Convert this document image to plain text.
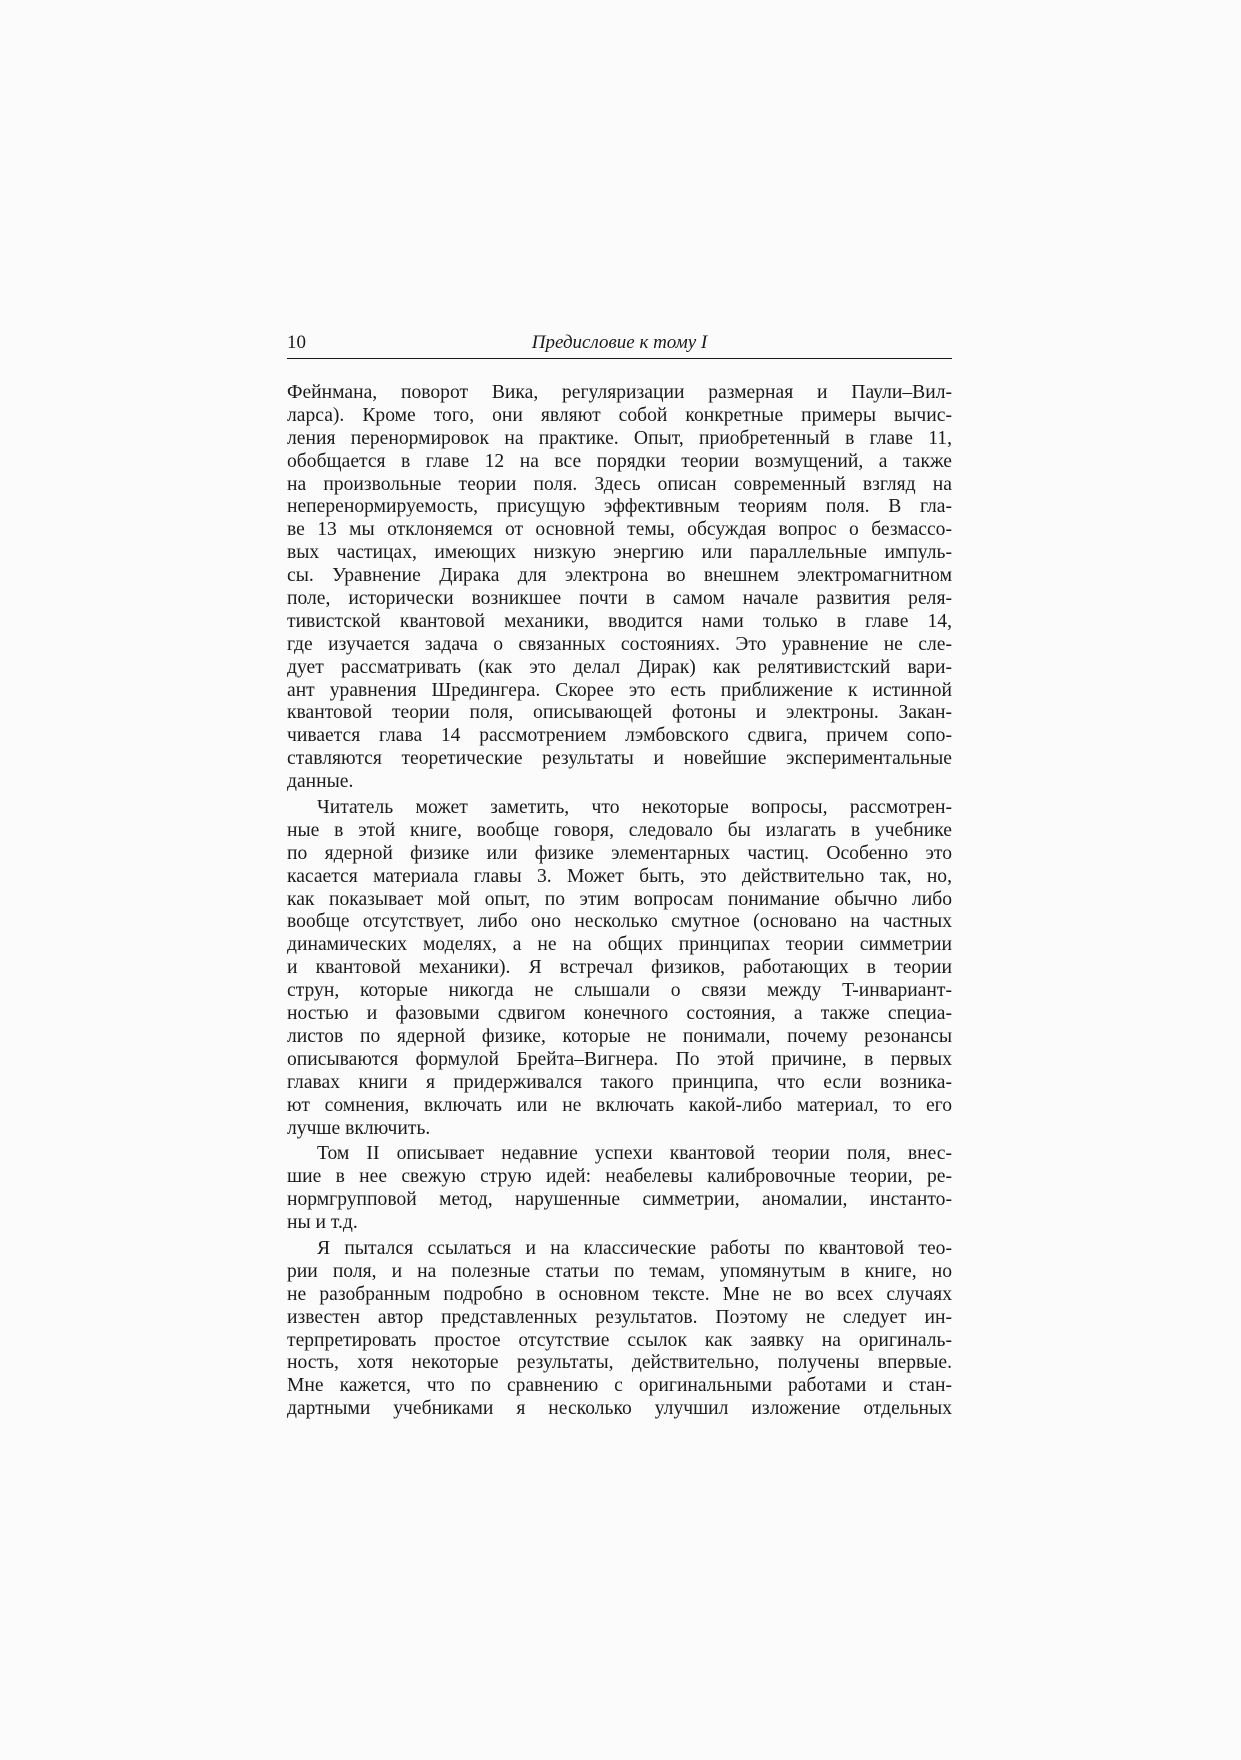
10	Предисловие к тому I
Фейнмана, поворот Вика, регуляризации размерная и Паули–Вил-
ларса). Кроме того, они являют собой конкретные примеры вычис-
ления перенормировок на практике. Опыт, приобретенный в главе 11,
обобщается в главе 12 на все порядки теории возмущений, а также
на произвольные теории поля. Здесь описан современный взгляд на
неперенормируемость, присущую эффективным теориям поля. В гла-
ве 13 мы отклоняемся от основной темы, обсуждая вопрос о безмассо-
вых частицах, имеющих низкую энергию или параллельные импуль-
сы. Уравнение Дирака для электрона во внешнем электромагнитном
поле, исторически возникшее почти в самом начале развития реля-
тивистской квантовой механики, вводится нами только в главе 14,
где изучается задача о связанных состояниях. Это уравнение не сле-
дует рассматривать (как это делал Дирак) как релятивистский вари-
ант уравнения Шредингера. Скорее это есть приближение к истинной
квантовой теории поля, описывающей фотоны и электроны. Закан-
чивается глава 14 рассмотрением лэмбовского сдвига, причем сопо-
ставляются теоретические результаты и новейшие экспериментальные
данные.
Читатель может заметить, что некоторые вопросы, рассмотрен-
ные в этой книге, вообще говоря, следовало бы излагать в учебнике
по ядерной физике или физике элементарных частиц. Особенно это
касается материала главы 3. Может быть, это действительно так, но,
как показывает мой опыт, по этим вопросам понимание обычно либо
вообще отсутствует, либо оно несколько смутное (основано на частных
динамических моделях, а не на общих принципах теории симметрии
и квантовой механики). Я встречал физиков, работающих в теории
струн, которые никогда не слышали о связи между T-инвариант-
ностью и фазовыми сдвигом конечного состояния, а также специа-
листов по ядерной физике, которые не понимали, почему резонансы
описываются формулой Брейта–Вигнера. По этой причине, в первых
главах книги я придерживался такого принципа, что если возника-
ют сомнения, включать или не включать какой-либо материал, то его
лучше включить.
Том II описывает недавние успехи квантовой теории поля, внес-
шие в нее свежую струю идей: неабелевы калибровочные теории, ре-
нормгрупповой метод, нарушенные симметрии, аномалии, инстанто-
ны и т.д.
Я пытался ссылаться и на классические работы по квантовой тео-
рии поля, и на полезные статьи по темам, упомянутым в книге, но
не разобранным подробно в основном тексте. Мне не во всех случаях
известен автор представленных результатов. Поэтому не следует ин-
терпретировать простое отсутствие ссылок как заявку на оригиналь-
ность, хотя некоторые результаты, действительно, получены впервые.
Мне кажется, что по сравнению с оригинальными работами и стан-
дартными учебниками я несколько улучшил изложение отдельных
